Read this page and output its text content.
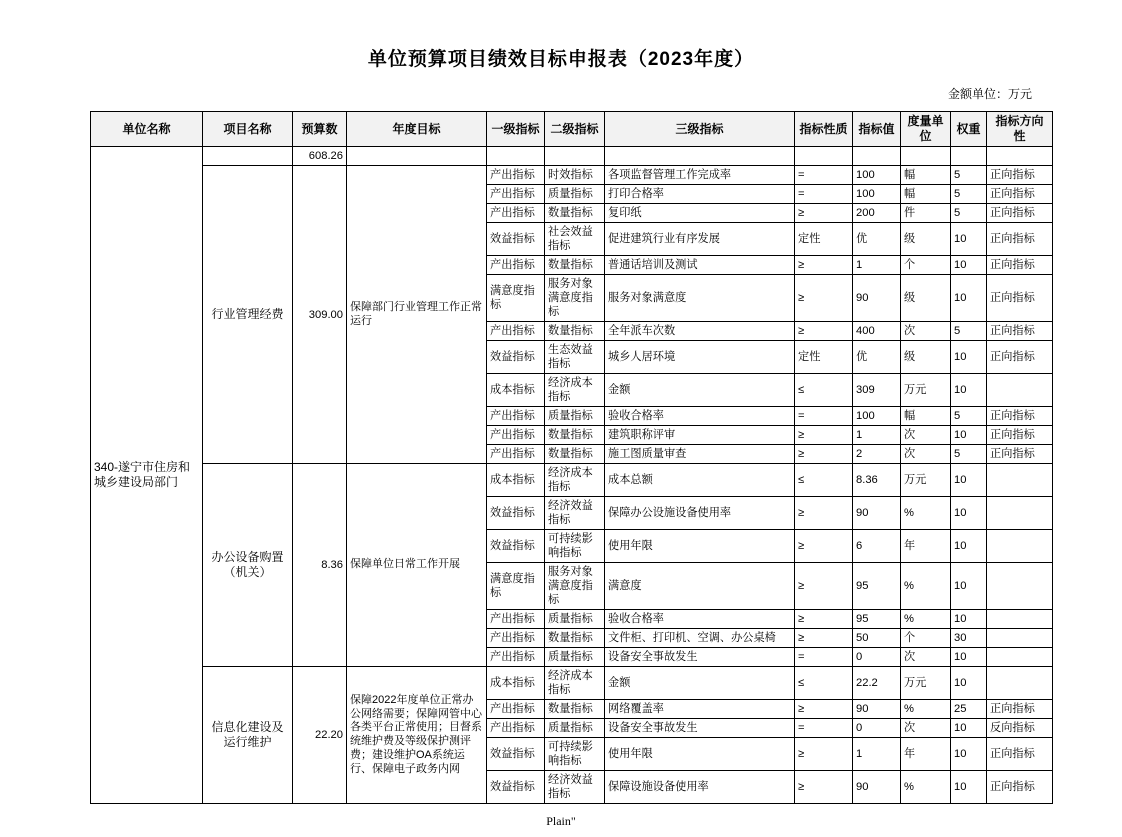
单位预算项目绩效目标申报表（2023年度）
金额单位：万元
单位名称	项目名称	预算数	年度目标	一级指标	二级指标	三级指标	指标性质	指标值	度量单位	权重	指标方向性
340-遂宁市住房和城乡建设局部门		608.26									
	行业管理经费	309.00	保障部门行业管理工作正常运行	产出指标	时效指标	各项监督管理工作完成率	=	100	幅	5	正向指标
				产出指标	质量指标	打印合格率	=	100	幅	5	正向指标
				产出指标	数量指标	复印纸	≥	200	件	5	正向指标
				效益指标	社会效益指标	促进建筑行业有序发展	定性	优	级	10	正向指标
				产出指标	数量指标	普通话培训及测试	≥	1	个	10	正向指标
				满意度指标	服务对象满意度指标	服务对象满意度	≥	90	级	10	正向指标
				产出指标	数量指标	全年派车次数	≥	400	次	5	正向指标
				效益指标	生态效益指标	城乡人居环境	定性	优	级	10	正向指标
				成本指标	经济成本指标	金额	≤	309	万元	10	
				产出指标	质量指标	验收合格率	=	100	幅	5	正向指标
				产出指标	数量指标	建筑职称评审	≥	1	次	10	正向指标
				产出指标	数量指标	施工图质量审查	≥	2	次	5	正向指标
	办公设备购置（机关）	8.36	保障单位日常工作开展	成本指标	经济成本指标	成本总额	≤	8.36	万元	10	
				效益指标	经济效益指标	保障办公设施设备使用率	≥	90	%	10	
				效益指标	可持续影响指标	使用年限	≥	6	年	10	
				满意度指标	服务对象满意度指标	满意度	≥	95	%	10	
				产出指标	质量指标	验收合格率	≥	95	%	10	
				产出指标	数量指标	文件柜、打印机、空调、办公桌椅	≥	50	个	30	
				产出指标	质量指标	设备安全事故发生	=	0	次	10	
	信息化建设及运行维护	22.20	保障2022年度单位正常办公网络需要；保障网管中心各类平台正常使用；目督系统维护费及等级保护测评费；建设维护OA系统运行、保障电子政务内网	成本指标	经济成本指标	金额	≤	22.2	万元	10	
				产出指标	数量指标	网络覆盖率	≥	90	%	25	正向指标
				产出指标	质量指标	设备安全事故发生	=	0	次	10	反向指标
				效益指标	可持续影响指标	使用年限	≥	1	年	10	正向指标
				效益指标	经济效益指标	保障设施设备使用率	≥	90	%	10	正向指标
Plain"
